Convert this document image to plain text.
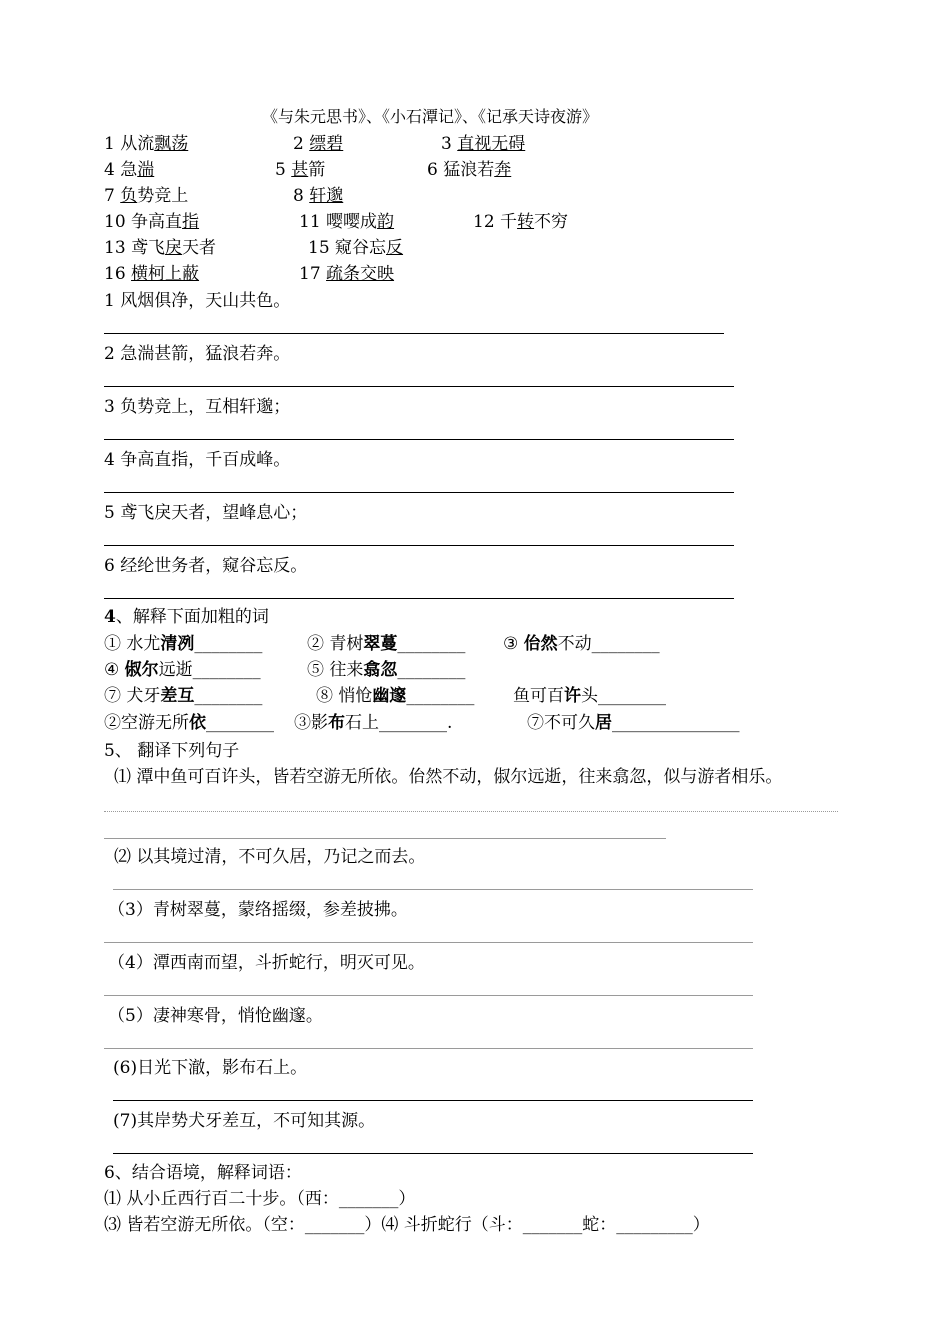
《与朱元思书》、《小石潭记》、《记承天诗夜游》
1 从流飘荡	2 缥碧	3 直视无碍
4 急湍	5 甚箭	6 猛浪若奔
7 负势竞上	8 轩邈
10 争高直指	11 嘤嘤成韵	12 千转不穷
13 鸢飞戾天者	15 窥谷忘反
16 横柯上蔽	17 疏条交映
1 风烟俱净，天山共色。
2 急湍甚箭，猛浪若奔。
3 负势竞上，互相轩邈；
4 争高直指，千百成峰。
5 鸢飞戾天者，望峰息心；
6 经纶世务者，窥谷忘反。
4、解释下面加粗的词
① 水尤清冽________	② 青树翠蔓________ ③ 佁然不动________
④ 俶尔远逝________	⑤ 往来翕忽________
⑦ 犬牙差互________	⑧ 悄怆幽邃________ 鱼可百许头________
②空游无所依________ ③影布石上________.	⑦不可久居_______________
5、 翻译下列句子
⑴ 潭中鱼可百许头，皆若空游无所依。佁然不动，俶尔远逝，往来翕忽，似与游者相乐。
⑵ 以其境过清，不可久居，乃记之而去。
（3）青树翠蔓，蒙络摇缀，参差披拂。
（4）潭西南而望，斗折蛇行，明灭可见。
（5）凄神寒骨，悄怆幽邃。
(6)日光下澈，影布石上。
(7)其岸势犬牙差互，不可知其源。
6、结合语境，解释词语：
⑴ 从小丘西行百二十步。（西：_______）
⑶ 皆若空游无所依。（空：_______）⑷ 斗折蛇行（斗：_______蛇：_________）
